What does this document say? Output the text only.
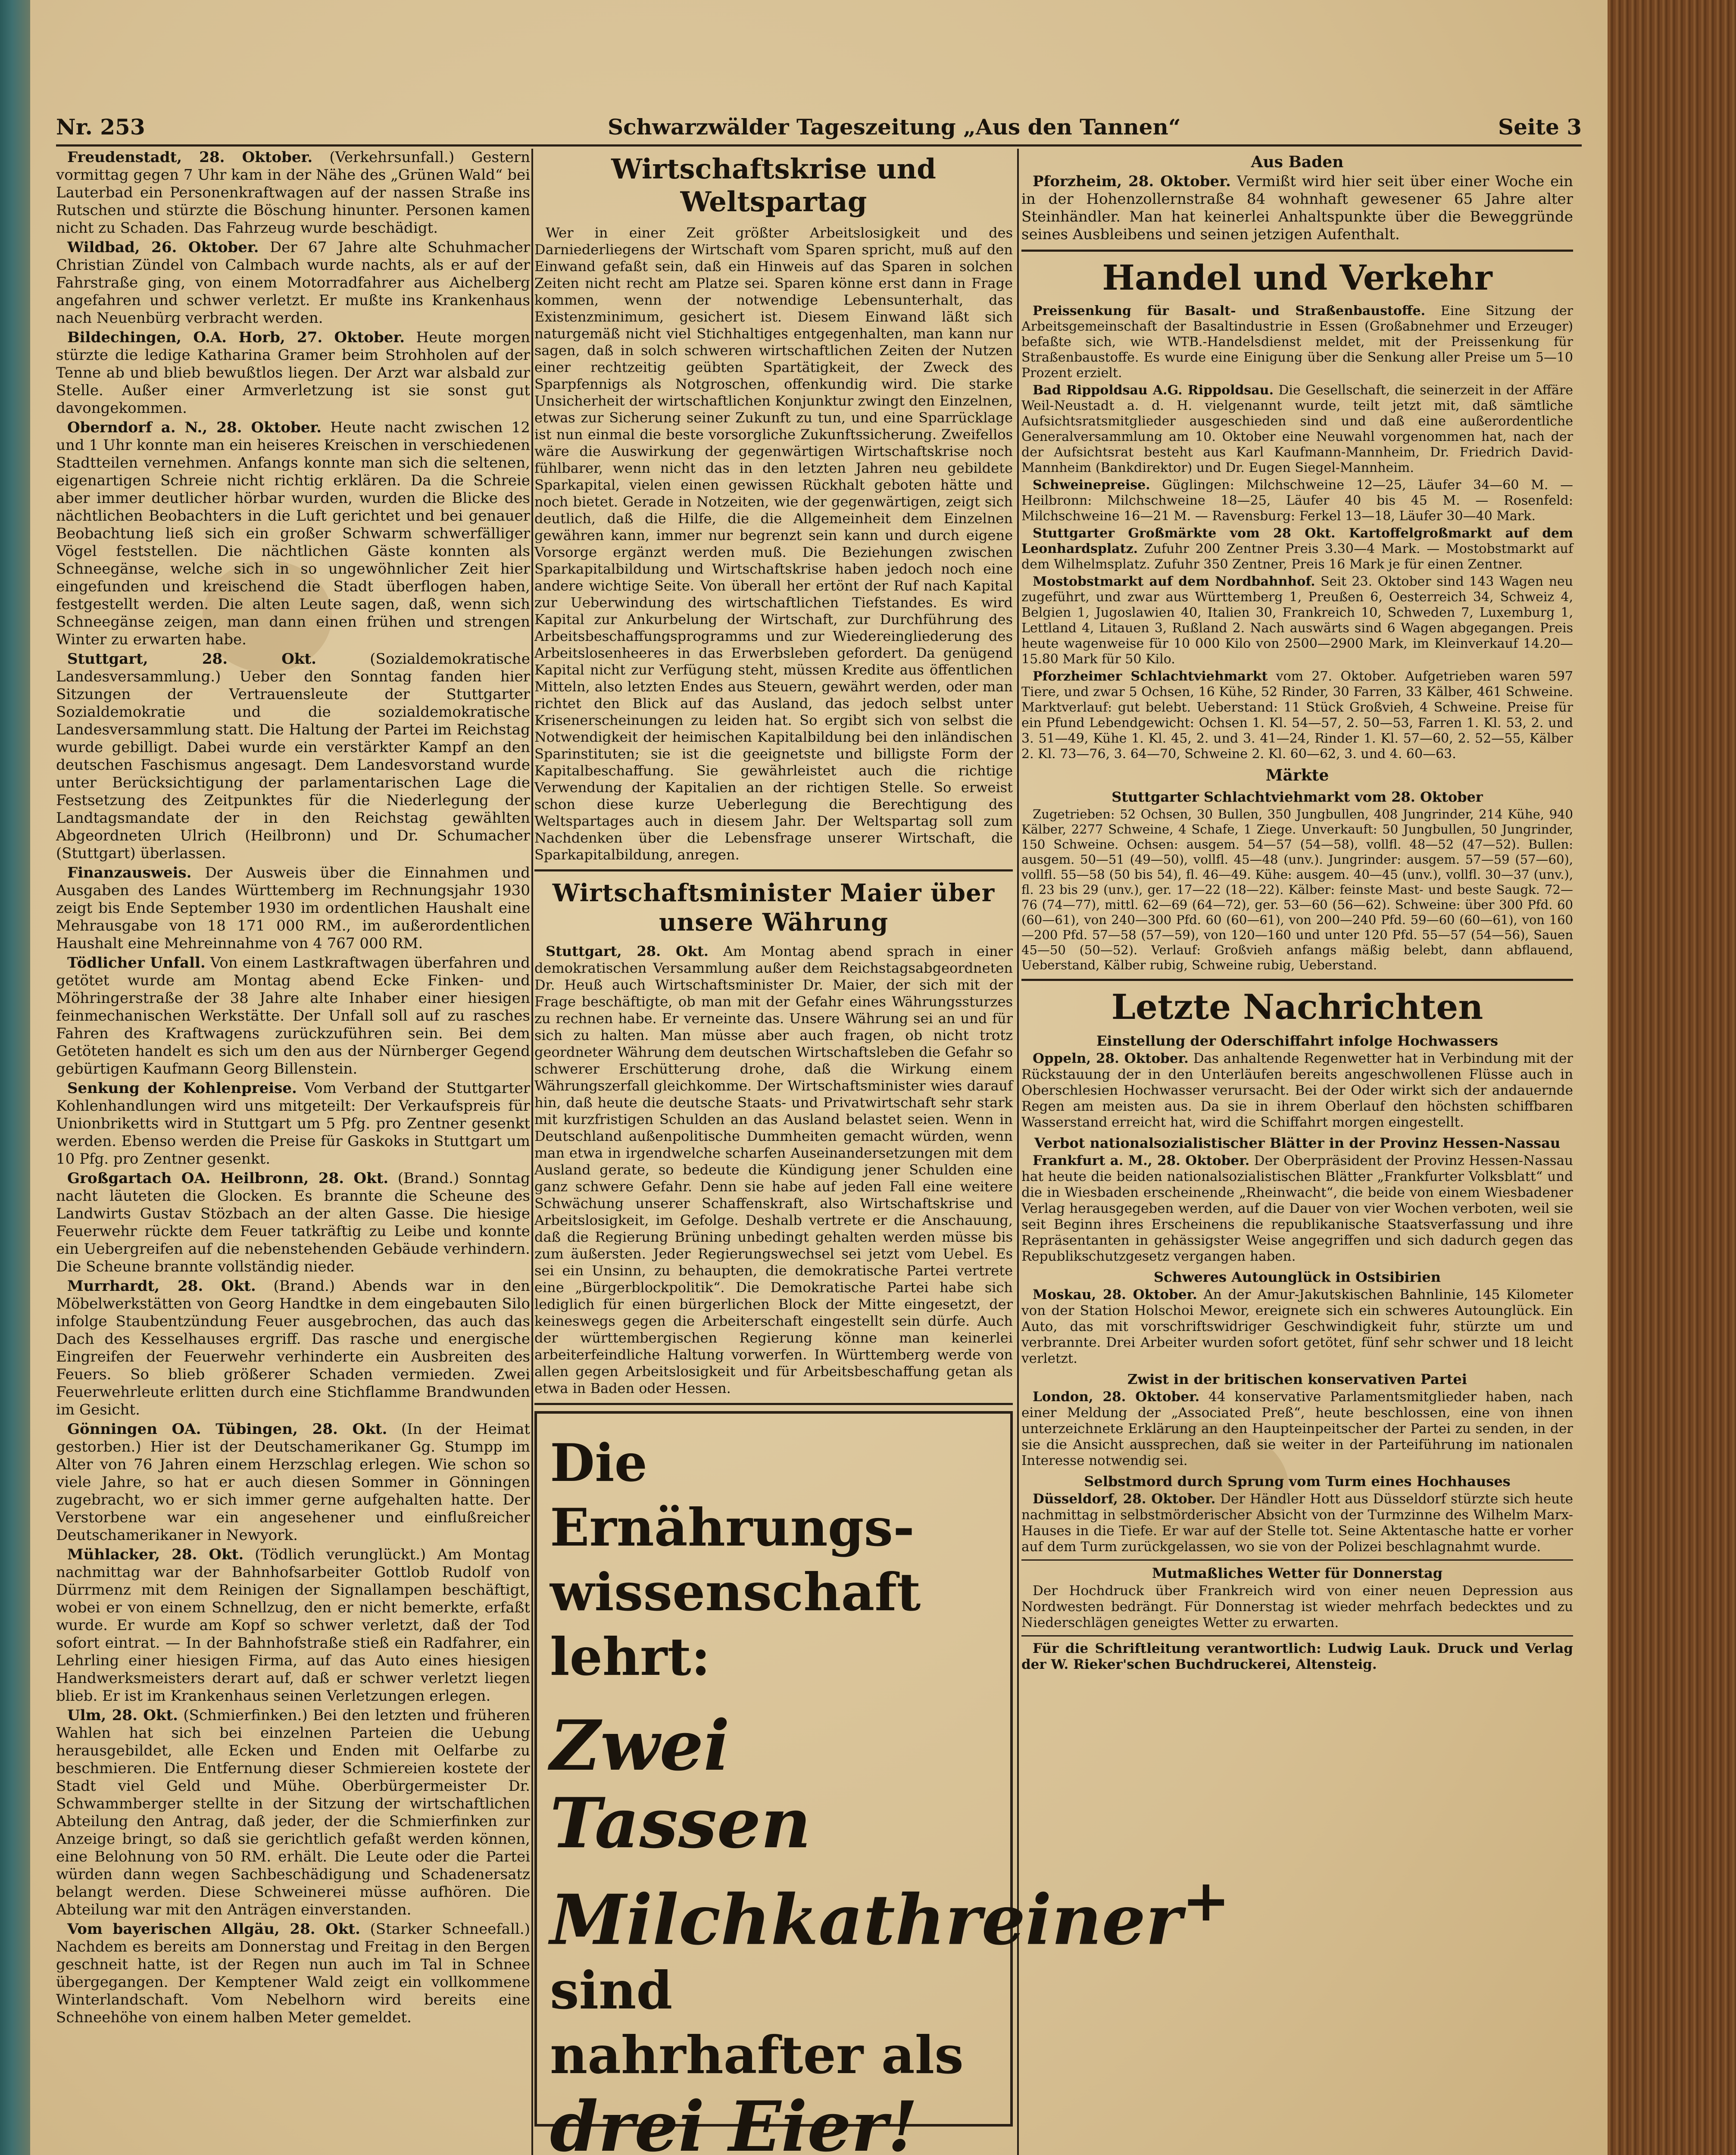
Nr. 253	Schwarzwälder Tageszeitung „Aus den Tannen“	Seite 3

Freudenstadt, 28. Oktober. (Verkehrsunfall.) Gestern vormittag gegen 7 Uhr kam in der Nähe des „Grünen Wald“ bei Lauterbad ein Personenkraftwagen auf der nassen Straße ins Rutschen und stürzte die Böschung hinunter. Personen kamen nicht zu Schaden. Das Fahrzeug wurde beschädigt.

Wildbad, 26. Oktober. Der 67 Jahre alte Schuhmacher Christian Zündel von Calmbach wurde nachts, als er auf der Fahrstraße ging, von einem Motorradfahrer aus Aichelberg angefahren und schwer verletzt. Er mußte ins Krankenhaus nach Neuenbürg verbracht werden.

Bildechingen, O.A. Horb, 27. Oktober. Heute morgen stürzte die ledige Katharina Gramer beim Strohholen auf der Tenne ab und blieb bewußtlos liegen. Der Arzt war alsbald zur Stelle. Außer einer Armverletzung ist sie sonst gut davongekommen.

Oberndorf a. N., 28. Oktober. Heute nacht zwischen 12 und 1 Uhr konnte man ein heiseres Kreischen in verschiedenen Stadtteilen vernehmen. Anfangs konnte man sich die seltenen, eigenartigen Schreie nicht richtig erklären. Da die Schreie aber immer deutlicher hörbar wurden, wurden die Blicke des nächtlichen Beobachters in die Luft gerichtet und bei genauer Beobachtung ließ sich ein großer Schwarm schwerfälliger Vögel feststellen. Die nächtlichen Gäste konnten als Schneegänse, welche sich in so ungewöhnlicher Zeit hier eingefunden und kreischend die Stadt überflogen haben, festgestellt werden. Die alten Leute sagen, daß, wenn sich Schneegänse zeigen, man dann einen frühen und strengen Winter zu erwarten habe.

Stuttgart, 28. Okt.	(Sozialdemokratische Landesversammlung.) Ueber den Sonntag fanden hier Sitzungen der Vertrauensleute der Stuttgarter Sozialdemokratie und die sozialdemokratische Landesversammlung statt. Die Haltung der Partei im Reichstag wurde gebilligt. Dabei wurde ein verstärkter Kampf an den deutschen Faschismus angesagt. Dem Landesvorstand wurde unter Berücksichtigung der parlamentarischen Lage die Festsetzung des Zeitpunktes für die Niederlegung der Landtagsmandate der in den Reichstag gewählten Abgeordneten Ulrich (Heilbronn) und Dr. Schumacher (Stuttgart) überlassen.

Finanzausweis. Der Ausweis über die Einnahmen und Ausgaben des Landes Württemberg im Rechnungsjahr 1930 zeigt bis Ende September 1930 im ordentlichen Haushalt eine Mehrausgabe von 18 171 000 RM., im außerordentlichen Haushalt eine Mehreinnahme von 4 767 000 RM.

Tödlicher Unfall. Von einem Lastkraftwagen überfahren und getötet wurde am Montag abend Ecke Finken- und Möhringerstraße der 38 Jahre alte Inhaber einer hiesigen feinmechanischen Werkstätte. Der Unfall soll auf zu rasches Fahren des Kraftwagens zurückzuführen sein. Bei dem Getöteten handelt es sich um den aus der Nürnberger Gegend gebürtigen Kaufmann Georg Billenstein.

Senkung der Kohlenpreise. Vom Verband der Stuttgarter Kohlenhandlungen wird uns mitgeteilt: Der Verkaufspreis für Unionbriketts wird in Stuttgart um 5 Pfg. pro Zentner gesenkt werden. Ebenso werden die Preise für Gaskoks in Stuttgart um 10 Pfg. pro Zentner gesenkt.

Großgartach OA. Heilbronn, 28. Okt. (Brand.) Sonntag nacht läuteten die Glocken. Es brannte die Scheune des Landwirts Gustav Stözbach an der alten Gasse. Die hiesige Feuerwehr rückte dem Feuer tatkräftig zu Leibe und konnte ein Uebergreifen auf die nebenstehenden Gebäude verhindern. Die Scheune brannte vollständig nieder.

Murrhardt, 28. Okt. (Brand.) Abends war in den Möbelwerkstätten von Georg Handtke in dem eingebauten Silo infolge Staubentzündung Feuer ausgebrochen, das auch das Dach des Kesselhauses ergriff. Das rasche und energische Eingreifen der Feuerwehr verhinderte ein Ausbreiten des Feuers. So blieb größerer Schaden vermieden. Zwei Feuerwehrleute erlitten durch eine Stichflamme Brandwunden im Gesicht.

Gönningen OA. Tübingen, 28. Okt. (In der Heimat gestorben.) Hier ist der Deutschamerikaner Gg. Stumpp im Alter von 76 Jahren einem Herzschlag erlegen. Wie schon so viele Jahre, so hat er auch diesen Sommer in Gönningen zugebracht, wo er sich immer gerne aufgehalten hatte. Der Verstorbene war ein angesehener und einflußreicher Deutschamerikaner in Newyork.

Mühlacker, 28. Okt. (Tödlich verunglückt.) Am Montag nachmittag war der Bahnhofsarbeiter Gottlob Rudolf von Dürrmenz mit dem Reinigen der Signallampen beschäftigt, wobei er von einem Schnellzug, den er nicht bemerkte, erfaßt wurde. Er wurde am Kopf so schwer verletzt, daß der Tod sofort eintrat. — In der Bahnhofstraße stieß ein Radfahrer, ein Lehrling einer hiesigen Firma, auf das Auto eines hiesigen Handwerksmeisters derart auf, daß er schwer verletzt liegen blieb. Er ist im Krankenhaus seinen Verletzungen erlegen.

Ulm, 28. Okt. (Schmierfinken.) Bei den letzten und früheren Wahlen hat sich bei einzelnen Parteien die Uebung herausgebildet, alle Ecken und Enden mit Oelfarbe zu beschmieren. Die Entfernung dieser Schmiereien kostete der Stadt viel Geld und Mühe. Oberbürgermeister Dr. Schwammberger stellte in der Sitzung der wirtschaftlichen Abteilung den Antrag, daß jeder, der die Schmierfinken zur Anzeige bringt, so daß sie gerichtlich gefaßt werden können, eine Belohnung von 50 RM. erhält. Die Leute oder die Partei würden dann wegen Sachbeschädigung und Schadenersatz belangt werden. Diese Schweinerei müsse aufhören. Die Abteilung war mit den Anträgen einverstanden.

Vom bayerischen Allgäu, 28. Okt. (Starker Schneefall.) Nachdem es bereits am Donnerstag und Freitag in den Bergen geschneit hatte, ist der Regen nun auch im Tal in Schnee übergegangen. Der Kemptener Wald zeigt ein vollkommene Winterlandschaft. Vom Nebelhorn wird bereits eine Schneehöhe von einem halben Meter gemeldet.

Wirtschaftskrise und Weltspartag

Wer in einer Zeit größter Arbeitslosigkeit und des Darniederliegens der Wirtschaft vom Sparen spricht, muß auf den Einwand gefaßt sein, daß ein Hinweis auf das Sparen in solchen Zeiten nicht recht am Platze sei. Sparen könne erst dann in Frage kommen, wenn der notwendige Lebensunterhalt, das Existenzminimum, gesichert ist. Diesem Einwand läßt sich naturgemäß nicht viel Stichhaltiges entgegenhalten, man kann nur sagen, daß in solch schweren wirtschaftlichen Zeiten der Nutzen einer rechtzeitig geübten Spartätigkeit, der Zweck des Sparpfennigs als Notgroschen, offenkundig wird. Die starke Unsicherheit der wirtschaftlichen Konjunktur zwingt den Einzelnen, etwas zur Sicherung seiner Zukunft zu tun, und eine Sparrücklage ist nun einmal die beste vorsorgliche Zukunftssicherung. Zweifellos wäre die Auswirkung der gegenwärtigen Wirtschaftskrise noch fühlbarer, wenn nicht das in den letzten Jahren neu gebildete Sparkapital, vielen einen gewissen Rückhalt geboten hätte und noch bietet. Gerade in Notzeiten, wie der gegenwärtigen, zeigt sich deutlich, daß die Hilfe, die die Allgemeinheit dem Einzelnen gewähren kann, immer nur begrenzt sein kann und durch eigene Vorsorge ergänzt werden muß. Die Beziehungen zwischen Sparkapitalbildung und Wirtschaftskrise haben jedoch noch eine andere wichtige Seite. Von überall her ertönt der Ruf nach Kapital zur Ueberwindung des wirtschaftlichen Tiefstandes. Es wird Kapital zur Ankurbelung der Wirtschaft, zur Durchführung des Arbeitsbeschaffungsprogramms und zur Wiedereingliederung des Arbeitslosenheeres in das Erwerbsleben gefordert. Da genügend Kapital nicht zur Verfügung steht, müssen Kredite aus öffentlichen Mitteln, also letzten Endes aus Steuern, gewährt werden, oder man richtet den Blick auf das Ausland, das jedoch selbst unter Krisenerscheinungen zu leiden hat. So ergibt sich von selbst die Notwendigkeit der heimischen Kapitalbildung bei den inländischen Sparinstituten; sie ist die geeignetste und billigste Form der Kapitalbeschaffung. Sie gewährleistet auch die richtige Verwendung der Kapitalien an der richtigen Stelle. So erweist schon diese kurze Ueberlegung die Berechtigung des Weltspartages auch in diesem Jahr. Der Weltspartag soll zum Nachdenken über die Lebensfrage unserer Wirtschaft, die Sparkapitalbildung, anregen.

Wirtschaftsminister Maier über unsere Währung

Stuttgart, 28. Okt. Am Montag abend sprach in einer demokratischen Versammlung außer dem Reichstagsabgeordneten Dr. Heuß auch Wirtschaftsminister Dr. Maier, der sich mit der Frage beschäftigte, ob man mit der Gefahr eines Währungssturzes zu rechnen habe. Er verneinte das. Unsere Währung sei an und für sich zu halten. Man müsse aber auch fragen, ob nicht trotz geordneter Währung dem deutschen Wirtschaftsleben die Gefahr so schwerer Erschütterung drohe, daß die Wirkung einem Währungszerfall gleichkomme. Der Wirtschaftsminister wies darauf hin, daß heute die deutsche Staats- und Privatwirtschaft sehr stark mit kurzfristigen Schulden an das Ausland belastet seien. Wenn in Deutschland außenpolitische Dummheiten gemacht würden, wenn man etwa in irgendwelche scharfen Auseinandersetzungen mit dem Ausland gerate, so bedeute die Kündigung jener Schulden eine ganz schwere Gefahr. Denn sie habe auf jeden Fall eine weitere Schwächung unserer Schaffenskraft, also Wirtschaftskrise und Arbeitslosigkeit, im Gefolge. Deshalb vertrete er die Anschauung, daß die Regierung Brüning unbedingt gehalten werden müsse bis zum äußersten. Jeder Regierungswechsel sei jetzt vom Uebel. Es sei ein Unsinn, zu behaupten, die demokratische Partei vertrete eine „Bürgerblockpolitik“. Die Demokratische Partei habe sich lediglich für einen bürgerlichen Block der Mitte eingesetzt, der keineswegs gegen die Arbeiterschaft eingestellt sein dürfe. Auch der württembergischen Regierung könne man keinerlei arbeiterfeindliche Haltung vorwerfen. In Württemberg werde von allen gegen Arbeitslosigkeit und für Arbeitsbeschaffung getan als etwa in Baden oder Hessen.

Die Ernährungs-
wissenschaft lehrt:
Zwei Tassen
Milchkathreiner+
sind nahrhafter als
drei Eier!
Aus Baden

Pforzheim, 28. Oktober. Vermißt wird hier seit über einer Woche ein in der Hohenzollernstraße 84 wohnhaft gewesener 65 Jahre alter Steinhändler. Man hat keinerlei Anhaltspunkte über die Beweggründe seines Ausbleibens und seinen jetzigen Aufenthalt.

Handel und Verkehr

Preissenkung für Basalt- und Straßenbaustoffe. Eine Sitzung der Arbeitsgemeinschaft der Basaltindustrie in Essen (Großabnehmer und Erzeuger) befaßte sich, wie WTB.-Handelsdienst meldet, mit der Preissenkung für Straßenbaustoffe. Es wurde eine Einigung über die Senkung aller Preise um 5—10 Prozent erzielt.

Bad Rippoldsau A.G. Rippoldsau. Die Gesellschaft, die seinerzeit in der Affäre Weil-Neustadt a. d. H. vielgenannt wurde, teilt jetzt mit, daß sämtliche Aufsichtsratsmitglieder ausgeschieden sind und daß eine außerordentliche Generalversammlung am 10. Oktober eine Neuwahl vorgenommen hat, nach der der Aufsichtsrat besteht aus Karl Kaufmann-Mannheim, Dr. Friedrich David-Mannheim (Bankdirektor) und Dr. Eugen Siegel-Mannheim.

Schweinepreise. Güglingen: Milchschweine 12—25, Läufer 34—60 M. — Heilbronn: Milchschweine 18—25, Läufer 40 bis 45 M. — Rosenfeld: Milchschweine 16—21 M. — Ravensburg: Ferkel 13—18, Läufer 30—40 Mark.

Stuttgarter Großmärkte vom 28 Okt. Kartoffelgroßmarkt auf dem Leonhardsplatz. Zufuhr 200 Zentner Preis 3.30—4 Mark. — Mostobstmarkt auf dem Wilhelmsplatz. Zufuhr 350 Zentner, Preis 16 Mark je für einen Zentner.

Mostobstmarkt auf dem Nordbahnhof. Seit 23. Oktober sind 143 Wagen neu zugeführt, und zwar aus Württemberg 1, Preußen 6, Oesterreich 34, Schweiz 4, Belgien 1, Jugoslawien 40, Italien 30, Frankreich 10, Schweden 7, Luxemburg 1, Lettland 4, Litauen 3, Rußland 2. Nach auswärts sind 6 Wagen abgegangen. Preis heute wagenweise für 10 000 Kilo von 2500—2900 Mark, im Kleinverkauf 14.20—15.80 Mark für 50 Kilo.

Pforzheimer Schlachtviehmarkt vom 27. Oktober. Aufgetrieben waren 597 Tiere, und zwar 5 Ochsen, 16 Kühe, 52 Rinder, 30 Farren, 33 Kälber, 461 Schweine. Marktverlauf: gut belebt. Ueberstand: 11 Stück Großvieh, 4 Schweine. Preise für ein Pfund Lebendgewicht: Ochsen 1. Kl. 54—57, 2. 50—53, Farren 1. Kl. 53, 2. und 3. 51—49, Kühe 1. Kl. 45, 2. und 3. 41—24, Rinder 1. Kl. 57—60, 2. 52—55, Kälber 2. Kl. 73—76, 3. 64—70, Schweine 2. Kl. 60—62, 3. und 4. 60—63.

Märkte
Stuttgarter Schlachtviehmarkt vom 28. Oktober

Zugetrieben: 52 Ochsen, 30 Bullen, 350 Jungbullen, 408 Jungrinder, 214 Kühe, 940 Kälber, 2277 Schweine, 4 Schafe, 1 Ziege. Unverkauft: 50 Jungbullen, 50 Jungrinder, 150 Schweine. Ochsen: ausgem. 54—57 (54—58), vollfl. 48—52 (47—52). Bullen: ausgem. 50—51 (49—50), vollfl. 45—48 (unv.). Jungrinder: ausgem. 57—59 (57—60), vollfl. 55—58 (50 bis 54), fl. 46—49. Kühe: ausgem. 40—45 (unv.), vollfl. 30—37 (unv.), fl. 23 bis 29 (unv.), ger. 17—22 (18—22). Kälber: feinste Mast- und beste Saugk. 72—76 (74—77), mittl. 62—69 (64—72), ger. 53—60 (56—62). Schweine: über 300 Pfd. 60 (60—61), von 240—300 Pfd. 60 (60—61), von 200—240 Pfd. 59—60 (60—61), von 160—200 Pfd. 57—58 (57—59), von 120—160 und unter 120 Pfd. 55—57 (54—56), Sauen 45—50 (50—52). Verlauf: Großvieh anfangs mäßig belebt, dann abflauend, Ueberstand, Kälber rubig, Schweine rubig, Ueberstand.

Letzte Nachrichten
Einstellung der Oderschiffahrt infolge Hochwassers

Oppeln, 28. Oktober. Das anhaltende Regenwetter hat in Verbindung mit der Rückstauung der in den Unterläufen bereits angeschwollenen Flüsse auch in Oberschlesien Hochwasser verursacht. Bei der Oder wirkt sich der andauernde Regen am meisten aus. Da sie in ihrem Oberlauf den höchsten schiffbaren Wasserstand erreicht hat, wird die Schiffahrt morgen eingestellt.

Verbot nationalsozialistischer Blätter in der Provinz Hessen-Nassau

Frankfurt a. M., 28. Oktober. Der Oberpräsident der Provinz Hessen-Nassau hat heute die beiden nationalsozialistischen Blätter „Frankfurter Volksblatt“ und die in Wiesbaden erscheinende „Rheinwacht“, die beide von einem Wiesbadener Verlag herausgegeben werden, auf die Dauer von vier Wochen verboten, weil sie seit Beginn ihres Erscheinens die republikanische Staatsverfassung und ihre Repräsentanten in gehässigster Weise angegriffen und sich dadurch gegen das Republikschutzgesetz vergangen haben.

Schweres Autounglück in Ostsibirien

Moskau, 28. Oktober. An der Amur-Jakutskischen Bahnlinie, 145 Kilometer von der Station Holschoi Mewor, ereignete sich ein schweres Autounglück. Ein Auto, das mit vorschriftswidriger Geschwindigkeit fuhr, stürzte um und verbrannte. Drei Arbeiter wurden sofort getötet, fünf sehr schwer und 18 leicht verletzt.

Zwist in der britischen konservativen Partei

London, 28. Oktober. 44 konservative Parlamentsmitglieder haben, nach einer Meldung der „Associated Preß“, heute beschlossen, eine von ihnen unterzeichnete Erklärung an den Haupteinpeitscher der Partei zu senden, in der sie die Ansicht aussprechen, daß sie weiter in der Parteiführung im nationalen Interesse notwendig sei.

Selbstmord durch Sprung vom Turm eines Hochhauses

Düsseldorf, 28. Oktober. Der Händler Hott aus Düsseldorf stürzte sich heute nachmittag in selbstmörderischer Absicht von der Turmzinne des Wilhelm Marx-Hauses in die Tiefe. Er war auf der Stelle tot. Seine Aktentasche hatte er vorher auf dem Turm zurückgelassen, wo sie von der Polizei beschlagnahmt wurde.

Mutmaßliches Wetter für Donnerstag

Der Hochdruck über Frankreich wird von einer neuen Depression aus Nordwesten bedrängt. Für Donnerstag ist wieder mehrfach bedecktes und zu Niederschlägen geneigtes Wetter zu erwarten.

Für die Schriftleitung verantwortlich: Ludwig Lauk. Druck und Verlag der W. Rieker'schen Buchdruckerei, Altensteig.
